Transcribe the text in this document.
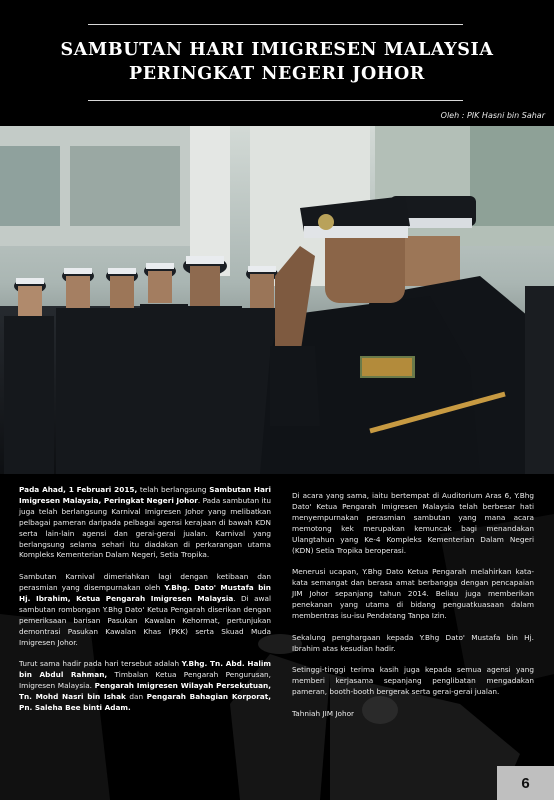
SAMBUTAN HARI IMIGRESEN MALAYSIA
PERINGKAT NEGERI JOHOR
Oleh : PIK Hasni bin Sahar

Pada Ahad, 1 Februari 2015, telah berlangsung Sambutan Hari Imigresen Malaysia, Peringkat Negeri Johor. Pada sambutan itu juga telah berlangsung Karnival Imigresen Johor yang melibatkan pelbagai pameran daripada pelbagai agensi kerajaan di bawah KDN serta lain-lain agensi dan gerai-gerai jualan. Karnival yang berlangsung selama sehari itu diadakan di perkarangan utama Kompleks Kementerian Dalam Negeri, Setia Tropika.

Sambutan Karnival dimeriahkan lagi dengan ketibaan dan perasmian yang disempurnakan oleh Y.Bhg. Dato' Mustafa bin Hj. Ibrahim, Ketua Pengarah Imigresen Malaysia. Di awal sambutan rombongan Y.Bhg Dato' Ketua Pengarah diserikan dengan pemeriksaan barisan Pasukan Kawalan Kehormat, pertunjukan demontrasi Pasukan Kawalan Khas (PKK) serta Skuad Muda Imigresen Johor.

Turut sama hadir pada hari tersebut adalah Y.Bhg. Tn. Abd. Halim bin Abdul Rahman, Timbalan Ketua Pengarah Pengurusan, Imigresen Malaysia. Pengarah Imigresen Wilayah Persekutuan, Tn. Mohd Nasri bin Ishak dan Pengarah Bahagian Korporat, Pn. Saleha Bee binti Adam.

Di acara yang sama, iaitu bertempat di Auditorium Aras 6, Y.Bhg Dato' Ketua Pengarah Imigresen Malaysia telah berbesar hati menyempurnakan perasmian sambutan yang mana acara memotong kek merupakan kemuncak bagi menandakan Ulangtahun yang Ke-4 Kompleks Kementerian Dalam Negeri (KDN) Setia Tropika beroperasi.

Menerusi ucapan, Y.Bhg Dato Ketua Pengarah melahirkan kata-kata semangat dan berasa amat berbangga dengan pencapaian JIM Johor sepanjang tahun 2014. Beliau juga memberikan penekanan yang utama di bidang penguatkuasaan dalam membentras isu-isu Pendatang Tanpa Izin.

Sekalung penghargaan kepada Y.Bhg Dato' Mustafa bin Hj. Ibrahim atas kesudian hadir.

Setinggi-tinggi terima kasih juga kepada semua agensi yang memberi kerjasama sepanjang penglibatan mengadakan pameran, booth-booth bergerak serta gerai-gerai jualan.

Tahniah JIM Johor

6
